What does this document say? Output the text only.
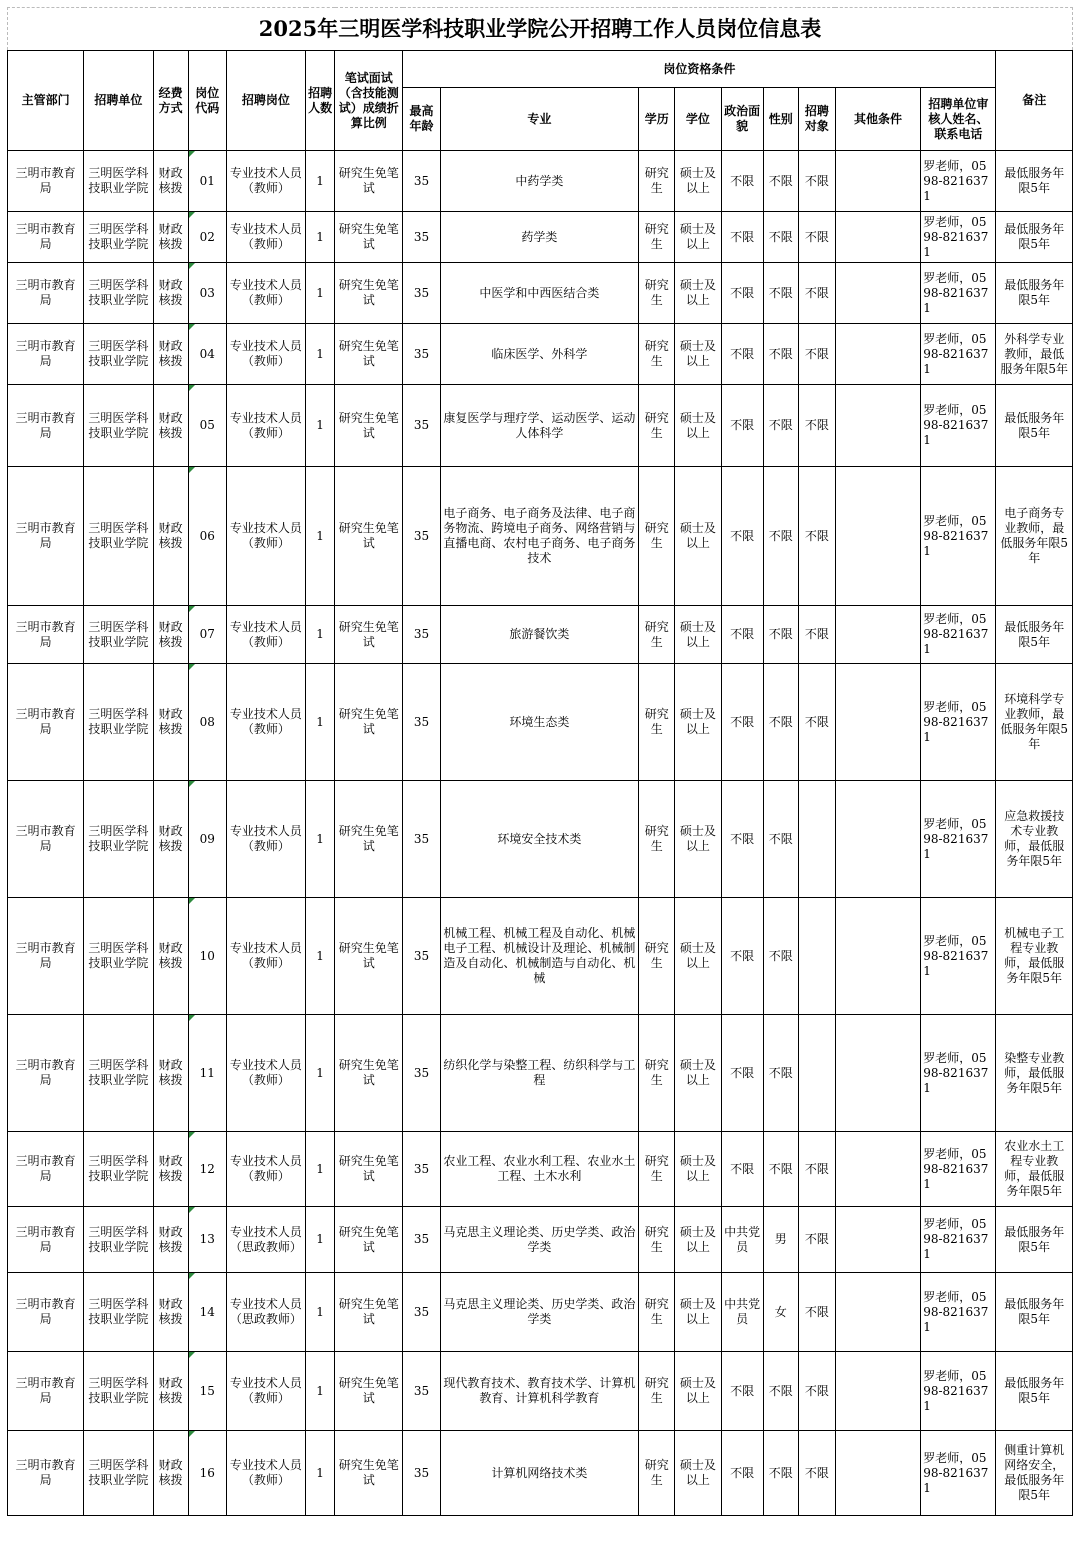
2025年三明医学科技职业学院公开招聘工作人员岗位信息表																
主管部门	招聘单位	经费方式	岗位代码	招聘岗位	招聘人数	笔试面试（含技能测试）成绩折算比例	岗位资格条件									备注
							最高年龄	专业	学历	学位	政治面貌	性别	招聘对象	其他条件	招聘单位审核人姓名、联系电话	
三明市教育局	三明医学科技职业学院	财政核拨	01	专业技术人员（教师）	1	研究生免笔试	35	中药学类	研究生	硕士及以上	不限	不限	不限		罗老师，0598-8216371	最低服务年限5年
三明市教育局	三明医学科技职业学院	财政核拨	02	专业技术人员（教师）	1	研究生免笔试	35	药学类	研究生	硕士及以上	不限	不限	不限		罗老师，0598-8216371	最低服务年限5年
三明市教育局	三明医学科技职业学院	财政核拨	03	专业技术人员（教师）	1	研究生免笔试	35	中医学和中西医结合类	研究生	硕士及以上	不限	不限	不限		罗老师，0598-8216371	最低服务年限5年
三明市教育局	三明医学科技职业学院	财政核拨	04	专业技术人员（教师）	1	研究生免笔试	35	临床医学、外科学	研究生	硕士及以上	不限	不限	不限		罗老师，0598-8216371	外科学专业教师，最低服务年限5年
三明市教育局	三明医学科技职业学院	财政核拨	05	专业技术人员（教师）	1	研究生免笔试	35	康复医学与理疗学、运动医学、运动人体科学	研究生	硕士及以上	不限	不限	不限		罗老师，0598-8216371	最低服务年限5年
三明市教育局	三明医学科技职业学院	财政核拨	06	专业技术人员（教师）	1	研究生免笔试	35	电子商务、电子商务及法律、电子商务物流、跨境电子商务、网络营销与直播电商、农村电子商务、电子商务技术	研究生	硕士及以上	不限	不限	不限		罗老师，0598-8216371	电子商务专业教师，最低服务年限5年
三明市教育局	三明医学科技职业学院	财政核拨	07	专业技术人员（教师）	1	研究生免笔试	35	旅游餐饮类	研究生	硕士及以上	不限	不限	不限		罗老师，0598-8216371	最低服务年限5年
三明市教育局	三明医学科技职业学院	财政核拨	08	专业技术人员（教师）	1	研究生免笔试	35	环境生态类	研究生	硕士及以上	不限	不限	不限		罗老师，0598-8216371	环境科学专业教师，最低服务年限5年
三明市教育局	三明医学科技职业学院	财政核拨	09	专业技术人员（教师）	1	研究生免笔试	35	环境安全技术类	研究生	硕士及以上	不限	不限			罗老师，0598-8216371	应急救援技术专业教师，最低服务年限5年
三明市教育局	三明医学科技职业学院	财政核拨	10	专业技术人员（教师）	1	研究生免笔试	35	机械工程、机械工程及自动化、机械电子工程、机械设计及理论、机械制造及自动化、机械制造与自动化、机械	研究生	硕士及以上	不限	不限			罗老师，0598-8216371	机械电子工程专业教师，最低服务年限5年
三明市教育局	三明医学科技职业学院	财政核拨	11	专业技术人员（教师）	1	研究生免笔试	35	纺织化学与染整工程、纺织科学与工程	研究生	硕士及以上	不限	不限			罗老师，0598-8216371	染整专业教师，最低服务年限5年
三明市教育局	三明医学科技职业学院	财政核拨	12	专业技术人员（教师）	1	研究生免笔试	35	农业工程、农业水利工程、农业水土工程、土木水利	研究生	硕士及以上	不限	不限	不限		罗老师，0598-8216371	农业水土工程专业教师，最低服务年限5年
三明市教育局	三明医学科技职业学院	财政核拨	13	专业技术人员（思政教师）	1	研究生免笔试	35	马克思主义理论类、历史学类、政治学类	研究生	硕士及以上	中共党员	男	不限		罗老师，0598-8216371	最低服务年限5年
三明市教育局	三明医学科技职业学院	财政核拨	14	专业技术人员（思政教师）	1	研究生免笔试	35	马克思主义理论类、历史学类、政治学类	研究生	硕士及以上	中共党员	女	不限		罗老师，0598-8216371	最低服务年限5年
三明市教育局	三明医学科技职业学院	财政核拨	15	专业技术人员（教师）	1	研究生免笔试	35	现代教育技术、教育技术学、计算机教育、计算机科学教育	研究生	硕士及以上	不限	不限	不限		罗老师，0598-8216371	最低服务年限5年
三明市教育局	三明医学科技职业学院	财政核拨	16	专业技术人员（教师）	1	研究生免笔试	35	计算机网络技术类	研究生	硕士及以上	不限	不限	不限		罗老师，0598-8216371	侧重计算机网络安全，最低服务年限5年
